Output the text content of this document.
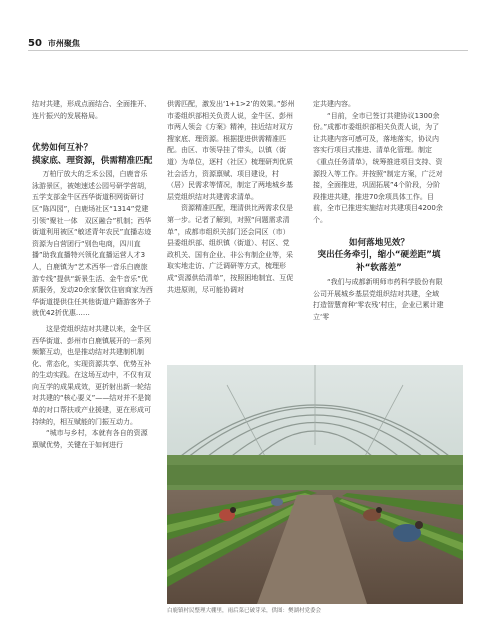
50 市州聚焦

结对共建，形成点面结合、全面推开、连片振兴的发展格局。

优势如何互补？
摸家底、理资源，供需精准匹配

万柏厅放大的乏禾公园，白鹿音乐泳游景区，被她速述公园号研学营胡，五学支部金牛区西华街道积网街研讨区“陈四园”，白鹿场社区“1314”党建引领“聚社一体　双区融合”机制；西华街道利用被区“敏述青年农民”直播志迹资源为自营团行“别色电商，四川直播”助我直播特兴领化直播运营人才3人，白鹿镇为“艺术西华一音乐白鹿旅游专线”提供“新景生活、金牛音乐”优质服务，发动20余家餐饮住宿商家为西华街道提供住任其他街道户籍游客外子就优42折优惠……

这是党组织结对共建以来，金牛区西华街道、彭州市白鹿镇展开的一系列频繁互动，也是推动结对共建制机制化、常态化，实现资源共享、优势互补的生动实践。在这场互动中，不仅有双向互学的成果成效，更折射出新一轮结对共建的“核心要义”——结对并不是简单的对口帮扶或产业援建，更在形成可持续的，相互赋能的门振互动力。

“城市与乡村，本就有各自的资源禀赋优势，关键在于如何进行

供需匹配，激发出‘1+1>2’的效果。”彭州市委组织部相关负责人说，金牛区、彭州市两人领会《方案》精神，挂近结对双方搜家底、理资源。根据提进供需精准匹配。由区、市领导挂了带头，以镇（街道）为单位，逐村（社区）梳理研判优质社会活力，资源禀赋、项目建设，村（居）民需求等情况，制定了两地城乡基层党组织结对共建需求清单。

资源精准匹配，理清供比两需求仅是第一步。记者了解到，对照“问题需求清单”，成都市组织关部门还会同区（市）县委组织部、组织镇（街道）、村区、党政机关、国有企业、非公有制企业等，采取实地走访、广泛调研等方式，梳理形成“资源供给清单”，按照困地制宜、互促共进原则，尽可能协调对

定共建内容。

“目前，全市已签订共建协议1300余份。”成都市委组织部相关负责人说，为了让共建内容可感可及，落地落实，协议内容实行项目式推进、清单化管理。制定《重点任务清单》，统筹推进项目支持、资源投入等工作。并按照“制定方案，广泛对接，全面推进，巩固拓展”4个阶段，分阶段推进共建，推进70余项具体工作。目前，全市已推进实施结对共建项目4200余个。

如何落地见效？
突出任务牵引，缩小“硬差距”填补“软落差”

“我们与成都新明师市药科学股份有限公司开展城乡基层党组织结对共建，全域打造智慧育种‘零农残’村庄，企业已累计建立‘零

白鹿镇村民整理大棚里，雨后菜已破芽采，供图：樊湖村党委会
